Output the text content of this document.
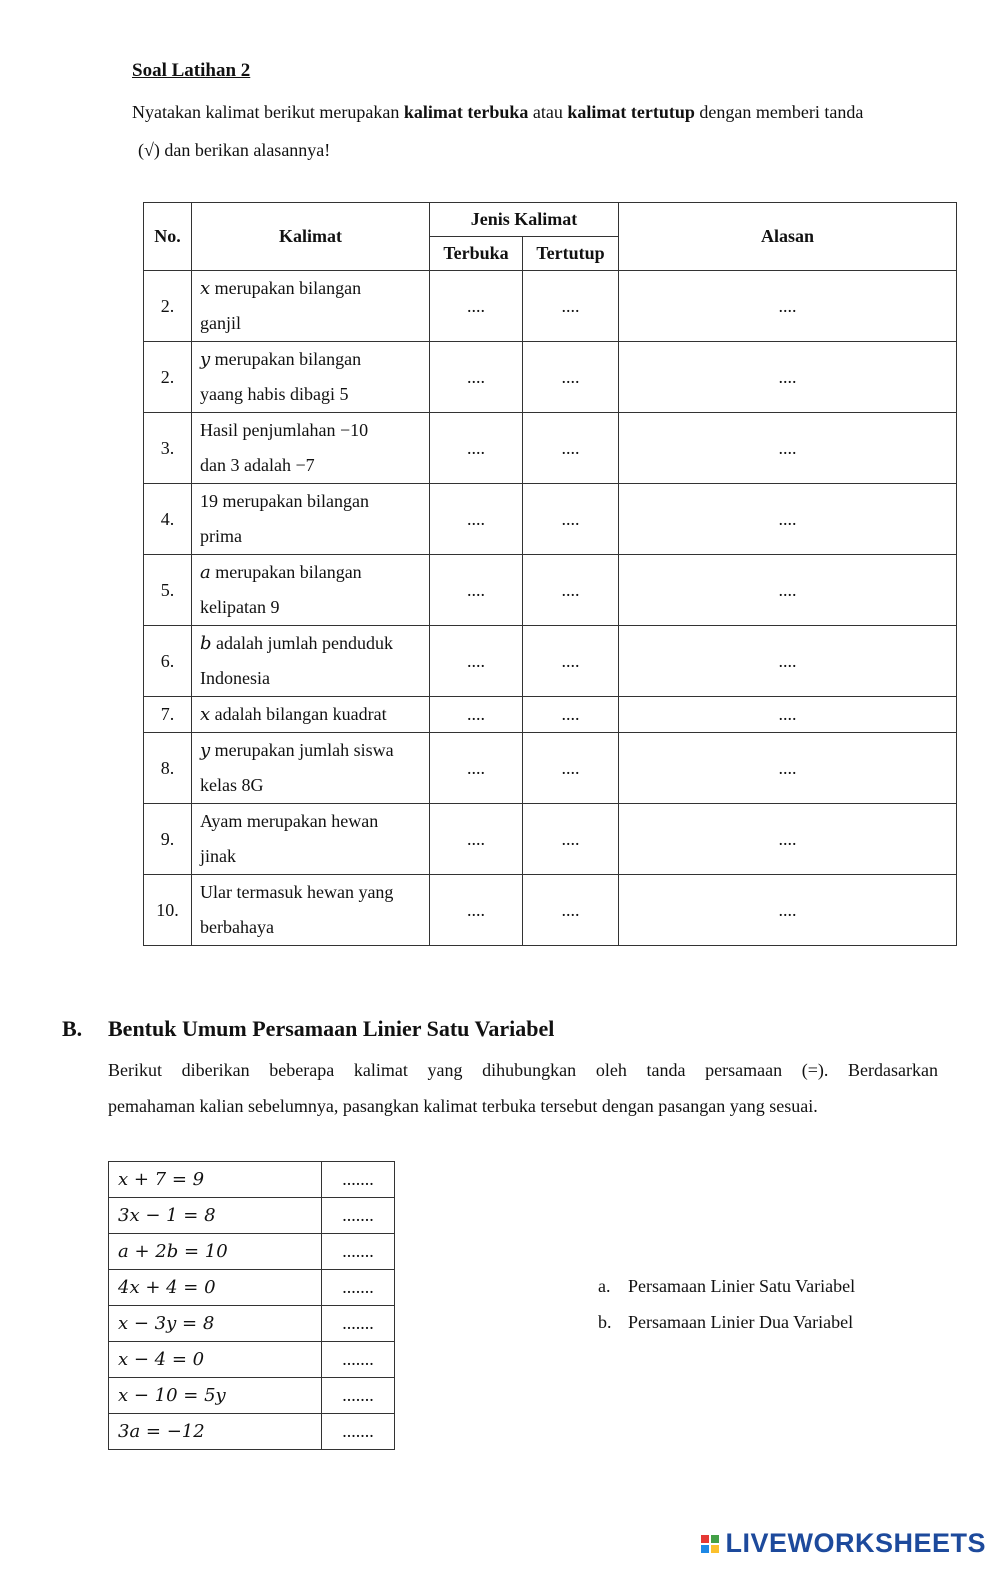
Soal Latihan 2
Nyatakan kalimat berikut merupakan kalimat terbuka atau kalimat tertutup dengan memberi tanda
(√) dan berikan alasannya!
No.	Kalimat	Jenis Kalimat		Alasan
		Terbuka	Tertutup	
2.	x merupakan bilangan
ganjil	....	....	....
2.	y merupakan bilangan
yaang habis dibagi 5	....	....	....
3.	Hasil penjumlahan −10
dan 3 adalah −7	....	....	....
4.	19 merupakan bilangan
prima	....	....	....
5.	a merupakan bilangan
kelipatan 9	....	....	....
6.	b adalah jumlah penduduk
Indonesia	....	....	....
7.	x adalah bilangan kuadrat	....	....	....
8.	y merupakan jumlah siswa
kelas 8G	....	....	....
9.	Ayam merupakan hewan
jinak	....	....	....
10.	Ular termasuk hewan yang
berbahaya	....	....	....
B. Bentuk Umum Persamaan Linier Satu Variabel
Berikut diberikan beberapa kalimat yang dihubungkan oleh tanda persamaan (=). Berdasarkan
pemahaman kalian sebelumnya, pasangkan kalimat terbuka tersebut dengan pasangan yang sesuai.
x + 7 = 9	.......
3x − 1 = 8	.......
a + 2b = 10	.......
4x + 4 = 0	.......
x − 3y = 8	.......
x − 4 = 0	.......
x − 10 = 5y	.......
3a = −12	.......
a. Persamaan Linier Satu Variabel
b. Persamaan Linier Dua Variabel
LIVEWORKSHEETS
